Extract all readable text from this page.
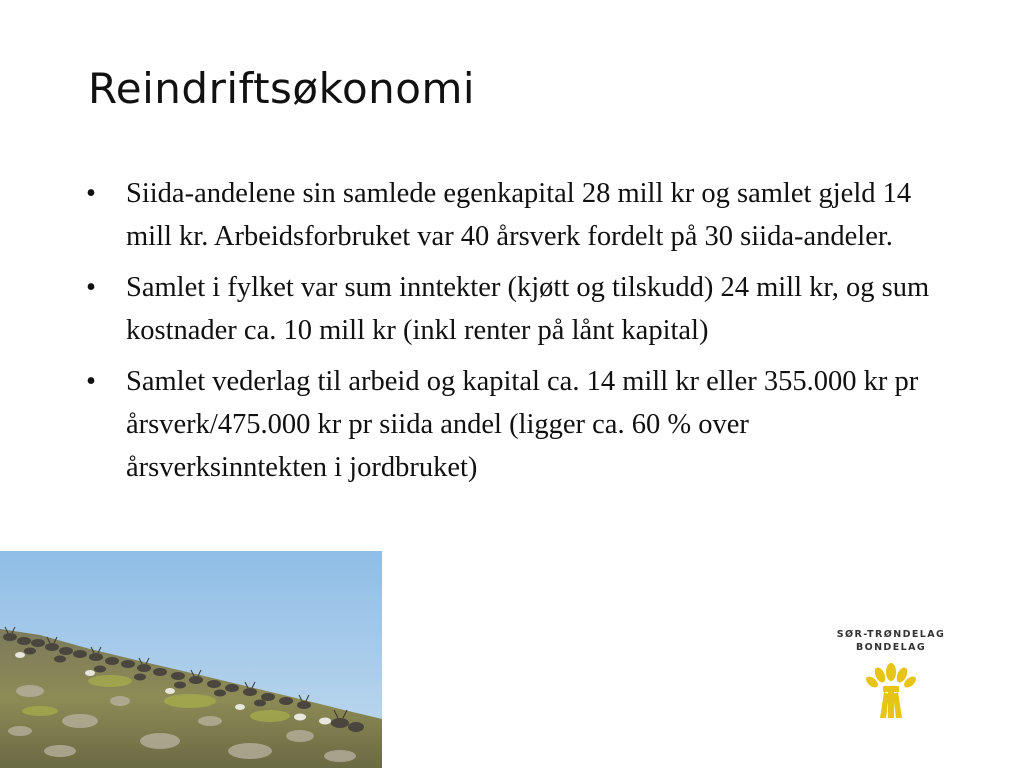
Reindriftsøkonomi
• Siida-andelene sin samlede egenkapital 28 mill kr og samlet gjeld 14 mill kr. Arbeidsforbruket var 40 årsverk fordelt på 30 siida-andeler.
• Samlet i fylket var sum inntekter (kjøtt og tilskudd) 24 mill kr, og sum kostnader ca. 10 mill kr (inkl renter på lånt kapital)
• Samlet vederlag til arbeid og kapital ca. 14 mill kr eller 355.000 kr pr årsverk/475.000 kr pr siida andel (ligger ca. 60 % over årsverksinntekten i jordbruket)
SØR-TRØNDELAG
BONDELAG
